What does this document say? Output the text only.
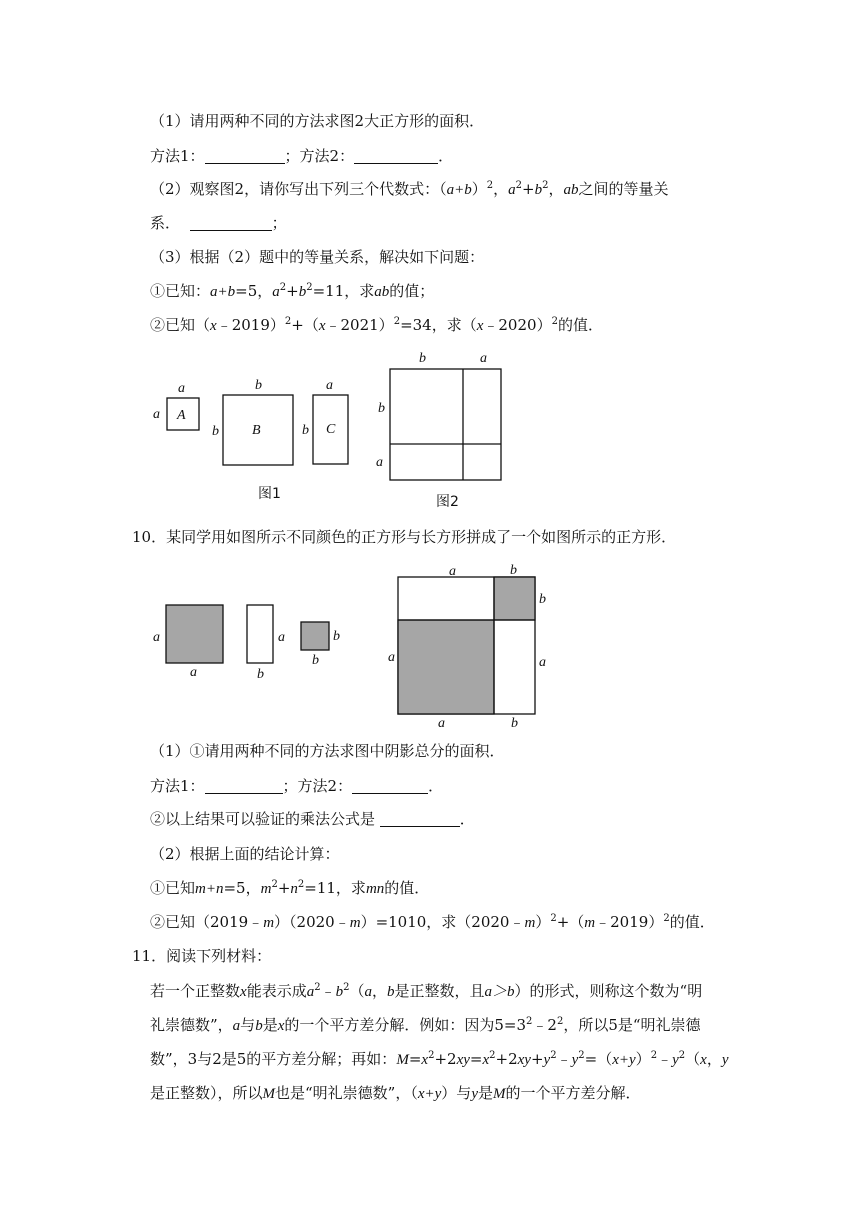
（1）请用两种不同的方法求图2大正方形的面积．
方法1：	；方法2：	．
（2）观察图2，请你写出下列三个代数式：$(a+b)^2$，$a^2+b^2$，ab之间的等量关
系．	；
（3）根据（2）题中的等量关系，解决如下问题：
①已知：a+b=5，$a^2+b^2=11$，求ab的值；
②已知（x﹣2019）$^2$+（x﹣2021）$^2$=34，求（x﹣2020）$^2$的值．
A
a
a
B
b
b	C
a
b
图1
b	a
b
a
图2
10．某同学用如图所示不同颜色的正方形与长方形拼成了一个如图所示的正方形．
a
a
a
b
b
b
a	b
b
a	a
a	b
（1）①请用两种不同的方法求图中阴影总分的面积．
方法1：	；方法2：	．
②以上结果可以验证的乘法公式是	．
（2）根据上面的结论计算：
①已知m+n=5，$m^2+n^2=11$，求mn的值．
②已知（2019﹣m）（2020﹣m）=1010，求（2020﹣m）$^2$+（m﹣2019）$^2$的值．
11．阅读下列材料：
若一个正整数x能表示成$a^2﹣b^2(a$，b是正整数，且a＞b）的形式，则称这个数为“明
礼崇德数”，a与b是x的一个平方差分解．例如：因为$5=3^2﹣2^2$，所以5是“明礼崇德
数”，3与2是5的平方差分解；再如：$M=x^2+2xy=x^2+2xy+y^2﹣y^2=(x+y)^2﹣y^2(x$，y
是正整数），所以M也是“明礼崇德数”，（x+y）与y是M的一个平方差分解．
